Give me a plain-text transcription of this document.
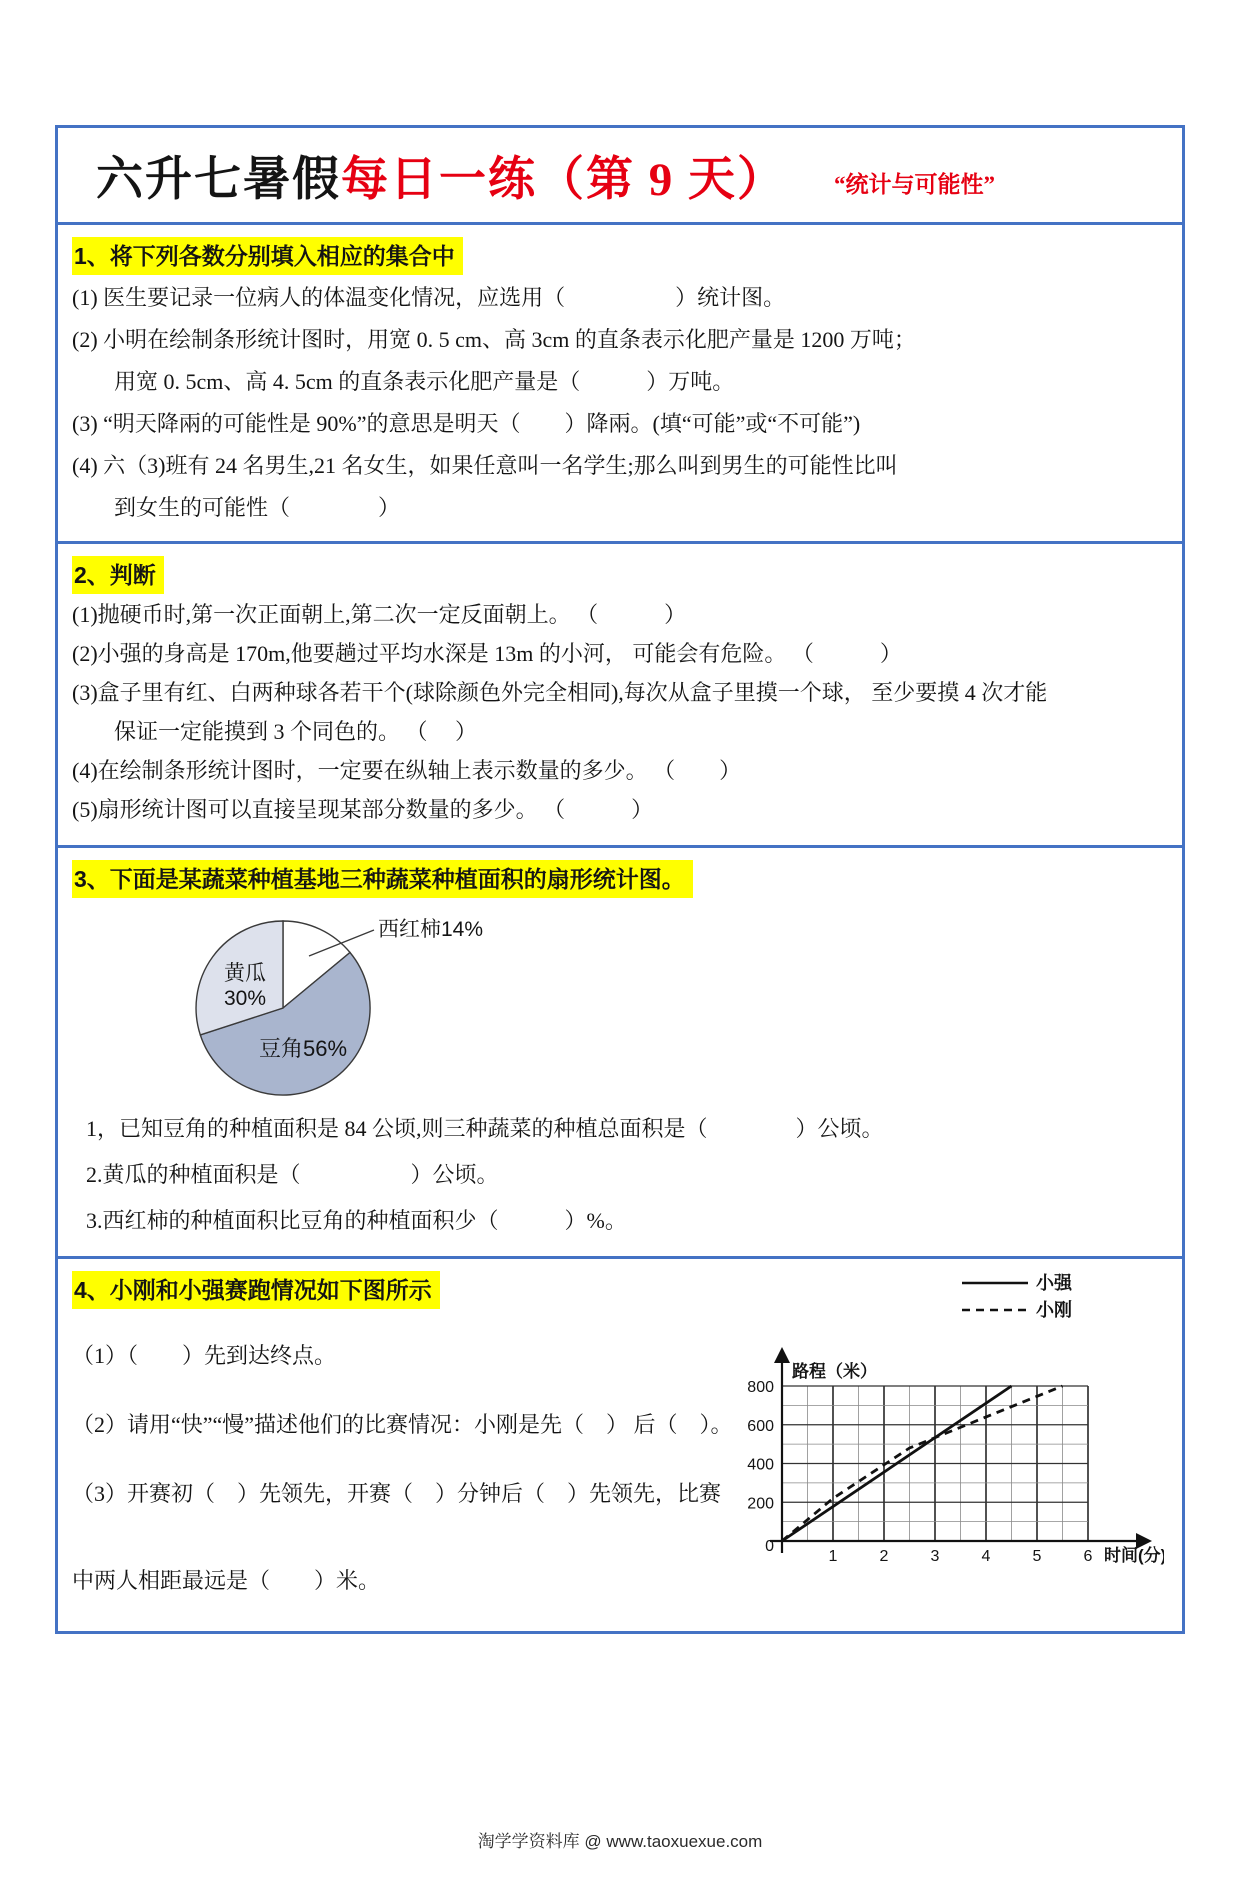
六升七暑假 每日一练（第 9 天） “统计与可能性”
1、将下列各数分别填入相应的集合中
(1) 医生要记录一位病人的体温变化情况，应选用（　　　　　）统计图。
(2) 小明在绘制条形统计图时，用宽 0. 5 cm、高 3cm 的直条表示化肥产量是 1200 万吨；
用宽 0. 5cm、高 4. 5cm 的直条表示化肥产量是（　　　）万吨。
(3) “明天降兩的可能性是 90%”的意思是明天（　　）降兩。(填“可能”或“不可能”)
(4) 六（3)班有 24 名男生,21 名女生，如果任意叫一名学生;那么叫到男生的可能性比叫
到女生的可能性（　　　　）
2、判断
(1)抛硬币时,第一次正面朝上,第二次一定反面朝上。 （　　　）
(2)小强的身高是 170m,他要趟过平均水深是 13m 的小河， 可能会有危险。 （　　　）
(3)盒子里有红、白两种球各若干个(球除颜色外完全相同),每次从盒子里摸一个球， 至少要摸 4 次才能
保证一定能摸到 3 个同色的。 （　 ）
(4)在绘制条形统计图时，一定要在纵轴上表示数量的多少。 （　　）
(5)扇形统计图可以直接呈现某部分数量的多少。 （　　　）
3、下面是某蔬菜种植基地三种蔬菜种植面积的扇形统计图。
西红柿14%
黄瓜
30%
豆角56%
1，已知豆角的种植面积是 84 公顷,则三种蔬菜的种植总面积是（　　　　）公顷。
2.黄瓜的种植面积是（　　　　　）公顷。
3.西红柿的种植面积比豆角的种植面积少（　　　）%。
小强
小刚
路程（米）
时间(分)
0
200
400
600
800
1	2	3	4	5	6
4、小刚和小强赛跑情况如下图所示
（1）（　　）先到达终点。
（2）请用“快”“慢”描述他们的比赛情况：小刚是先（　） 后（　）。
（3）开赛初（　）先领先，开赛（　）分钟后（　）先领先，比赛
中两人相距最远是（　　）米。
淘学学资料库 @ www.taoxuexue.com
